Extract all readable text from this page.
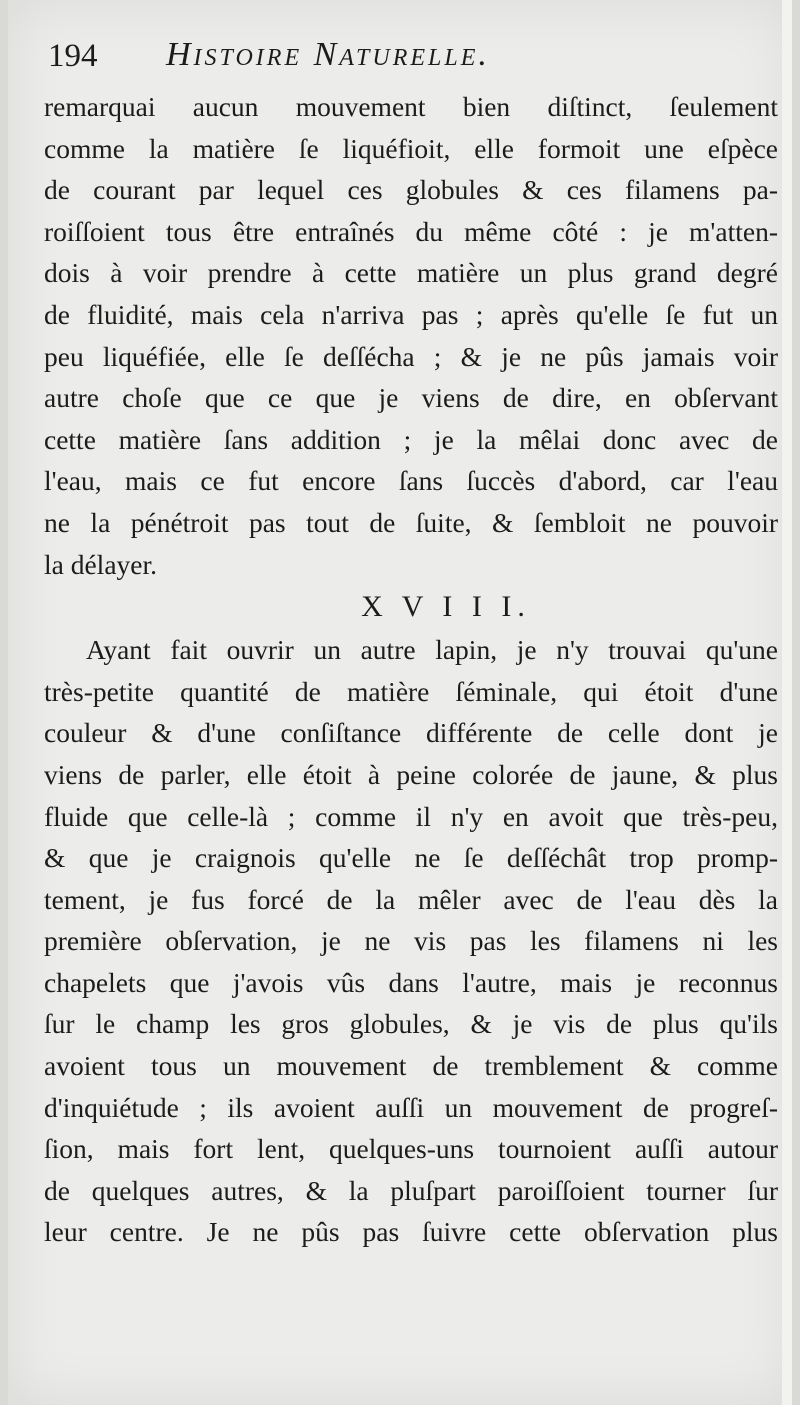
194 Histoire Naturelle.
remarquai aucun mouvement bien diſtinct, ſeulement
comme la matière ſe liquéfioit, elle formoit une eſpèce
de courant par lequel ces globules & ces filamens pa-
roiſſoient tous être entraînés du même côté : je m'atten-
dois à voir prendre à cette matière un plus grand degré
de fluidité, mais cela n'arriva pas ; après qu'elle ſe fut un
peu liquéfiée, elle ſe deſſécha ; & je ne pûs jamais voir
autre choſe que ce que je viens de dire, en obſervant
cette matière ſans addition ; je la mêlai donc avec de
l'eau, mais ce fut encore ſans ſuccès d'abord, car l'eau
ne la pénétroit pas tout de ſuite, & ſembloit ne pouvoir
la délayer.
X V I I I.
Ayant fait ouvrir un autre lapin, je n'y trouvai qu'une
très-petite quantité de matière ſéminale, qui étoit d'une
couleur & d'une conſiſtance différente de celle dont je
viens de parler, elle étoit à peine colorée de jaune, & plus
fluide que celle-là ; comme il n'y en avoit que très-peu,
& que je craignois qu'elle ne ſe deſſéchât trop promp-
tement, je fus forcé de la mêler avec de l'eau dès la
première obſervation, je ne vis pas les filamens ni les
chapelets que j'avois vûs dans l'autre, mais je reconnus
ſur le champ les gros globules, & je vis de plus qu'ils
avoient tous un mouvement de tremblement & comme
d'inquiétude ; ils avoient auſſi un mouvement de progreſ-
ſion, mais fort lent, quelques-uns tournoient auſſi autour
de quelques autres, & la pluſpart paroiſſoient tourner ſur
leur centre. Je ne pûs pas ſuivre cette obſervation plus
